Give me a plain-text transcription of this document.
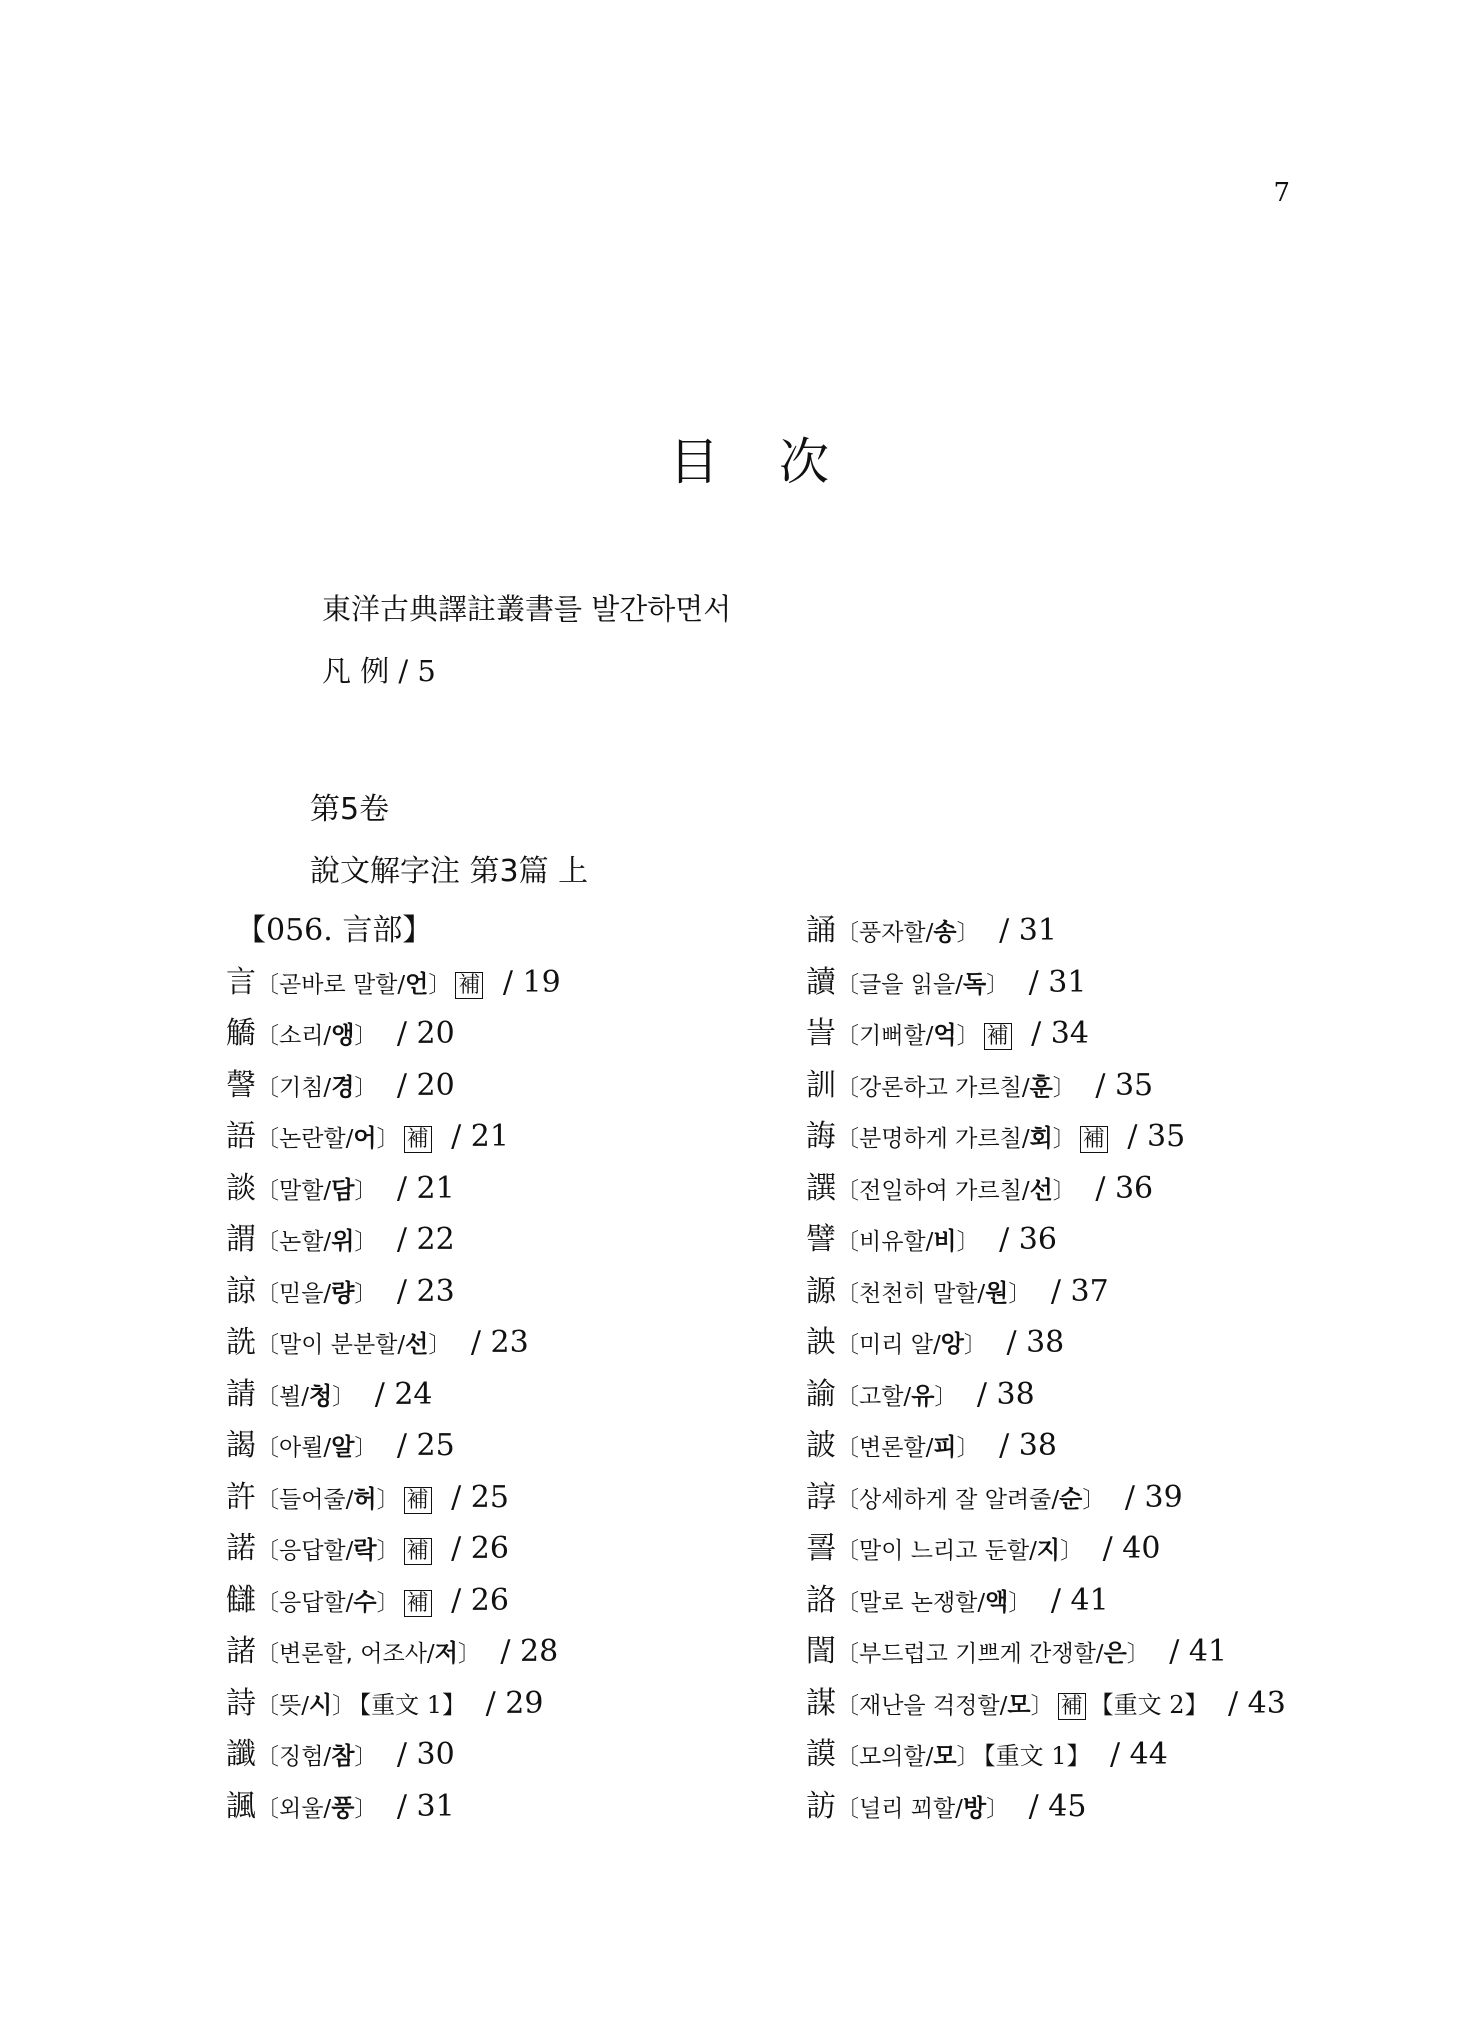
7
目 次
東洋古典譯註叢書를 발간하면서
凡 例 / 5
第5卷
說文解字注 第3篇 上
【056. 言部】
言〔곧바로 말할/언〕 補 / 19
䚩〔소리/앵〕 / 20
謦〔기침/경〕 / 20
語〔논란할/어〕 補 / 21
談〔말할/담〕 / 21
謂〔논할/위〕 / 22
諒〔믿을/량〕 / 23
詵〔말이 분분할/선〕 / 23
請〔뵐/청〕 / 24
謁〔아뢸/알〕 / 25
許〔들어줄/허〕 補 / 25
諾〔응답할/락〕 補 / 26
讎〔응답할/수〕 補 / 26
諸〔변론할, 어조사/저〕 / 28
詩〔뜻/시〕 【重文 1】 / 29
讖〔징험/참〕 / 30
諷〔외울/풍〕 / 31
誦〔풍자할/송〕 / 31
讀〔글을 읽을/독〕 / 31
訔〔기뻐할/억〕 補 / 34
訓〔강론하고 가르칠/훈〕 / 35
誨〔분명하게 가르칠/회〕 補 / 35
譔〔전일하여 가르칠/선〕 / 36
譬〔비유할/비〕 / 36
謜〔천천히 말할/원〕 / 37
詇〔미리 알/앙〕 / 38
諭〔고할/유〕 / 38
詖〔변론할/피〕 / 38
諄〔상세하게 잘 알려줄/순〕 / 39
䛐〔말이 느리고 둔할/지〕 / 40
詻〔말로 논쟁할/액〕 / 41
誾〔부드럽고 기쁘게 간쟁할/은〕 / 41
謀〔재난을 걱정할/모〕 補 【重文 2】 / 43
謨〔모의할/모〕 【重文 1】 / 44
訪〔널리 꾀할/방〕 / 45
